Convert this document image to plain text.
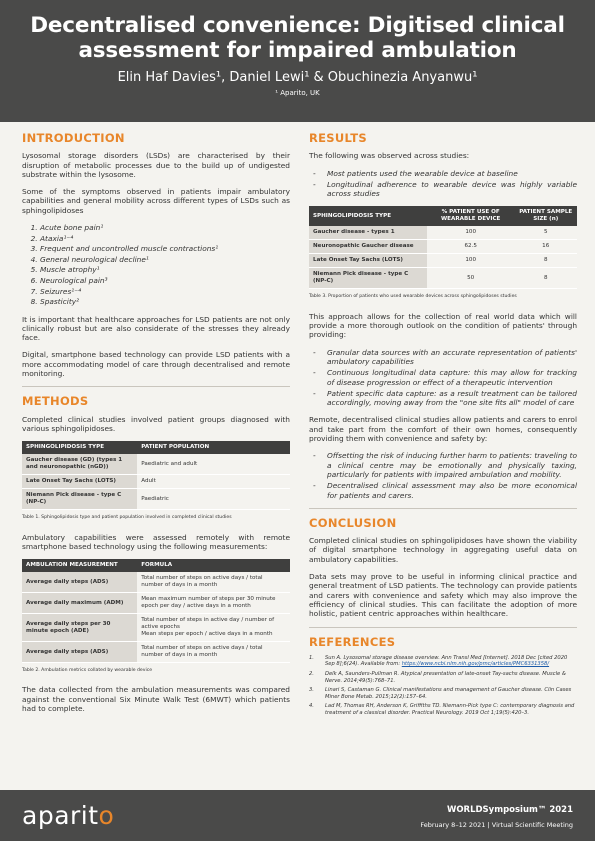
Decentralised convenience: Digitised clinical assessment for impaired ambulation
Elin Haf Davies¹, Daniel Lewi¹ & Obuchinezia Anyanwu¹
¹ Aparito, UK
INTRODUCTION

Lysosomal storage disorders (LSDs) are characterised by their disruption of metabolic processes due to the build up of undigested substrate within the lysosome.

Some of the symptoms observed in patients impair ambulatory capabilities and general mobility across different types of LSDs such as sphingolipidoses

1. Acute bone pain¹
2. Ataxia¹⁻⁴
3. Frequent and uncontrolled muscle contractions¹
4. General neurological decline¹
5. Muscle atrophy¹
6. Neurological pain³
7. Seizures¹⁻⁴
8. Spasticity²

It is important that healthcare approaches for LSD patients are not only clinically robust but are also considerate of the stresses they already face.

Digital, smartphone based technology can provide LSD patients with a more accommodating model of care through decentralised and remote monitoring.

METHODS

Completed clinical studies involved patient groups diagnosed with various sphingolipidoses.

SPHINGOLIPIDOSIS TYPE	PATIENT POPULATION
Gaucher disease (GD) (types 1 and neuronopathic (nGD))	Paediatric and adult
Late Onset Tay Sachs (LOTS)	Adult
Niemann Pick disease - type C (NP-C)	Paediatric
Table 1. Sphingolipidosis type and patient population involved in completed clinical studies

Ambulatory capabilities were assessed remotely with remote smartphone based technology using the following measurements:

AMBULATION MEASUREMENT	FORMULA
Average daily steps (ADS)	Total number of steps on active days / total number of days in a month
Average daily maximum (ADM)	Mean maximum number of steps per 30 minute epoch per day / active days in a month
Average daily steps per 30 minute epoch (ADE)	Total number of steps in active day / number of active epochs
Mean steps per epoch / active days in a month
Average daily steps (ADS)	Total number of steps on active days / total number of days in a month
Table 2. Ambulation metrics collated by wearable device

The data collected from the ambulation measurements was compared against the conventional Six Minute Walk Test (6MWT) which patients had to complete.

RESULTS

The following was observed across studies:

- Most patients used the wearable device at baseline
- Longitudinal adherence to wearable device was highly variable across studies
SPHINGOLIPIDOSIS TYPE	% PATIENT USE OF WEARABLE DEVICE	PATIENT SAMPLE SIZE (n)
Gaucher disease - types 1	100	5
Neuronopathic Gaucher disease	62.5	16
Late Onset Tay Sachs (LOTS)	100	8
Niemann Pick disease - type C (NP-C)	50	8
Table 3. Proportion of patients who used wearable devices across sphingolipidoses studies

This approach allows for the collection of real world data which will provide a more thorough outlook on the condition of patients' through providing:

- Granular data sources with an accurate representation of patients' ambulatory capabilities
- Continuous longitudinal data capture: this may allow for tracking of disease progression or effect of a therapeutic intervention
- Patient specific data capture: as a result treatment can be tailored accordingly, moving away from the "one site fits all" model of care

Remote, decentralised clinical studies allow patients and carers to enrol and take part from the comfort of their own homes, consequently providing them with convenience and safety by:

- Offsetting the risk of inducing further harm to patients: traveling to a clinical centre may be emotionally and physically taxing, particularly for patients with impaired ambulation and mobility.
- Decentralised clinical assessment may also be more economical for patients and carers.
CONCLUSION

Completed clinical studies on sphingolipidoses have shown the viability of digital smartphone technology in aggregating useful data on ambulatory capabilities.

Data sets may prove to be useful in informing clinical practice and general treatment of LSD patients. The technology can provide patients and carers with convenience and safety which may also improve the efficiency of clinical studies. This can facilitate the adoption of more holistic, patient centric approaches within healthcare.

REFERENCES
1.	Sun A. Lysosomal storage disease overview. Ann Transl Med [Internet]. 2018 Dec [cited 2020 Sep 8];6(24). Available from: https://www.ncbi.nlm.nih.gov/pmc/articles/PMC6331358/
2.	Delk A, Saunders-Pullman R. Atypical presentation of late-onset Tay-sachs disease. Muscle & Nerve. 2014;49(5):768–71.
3.	Linari S, Castaman G. Clinical manifestations and management of Gaucher disease. Clin Cases Miner Bone Metab. 2015;12(2):157–64.
4.	Lad M, Thomas RH, Anderson K, Griffiths TD. Niemann-Pick type C: contemporary diagnosis and treatment of a classical disorder. Practical Neurology. 2019 Oct 1;19(5):420–3.
aparito	WORLDSymposium™ 2021
February 8–12 2021 | Virtual Scientific Meeting
